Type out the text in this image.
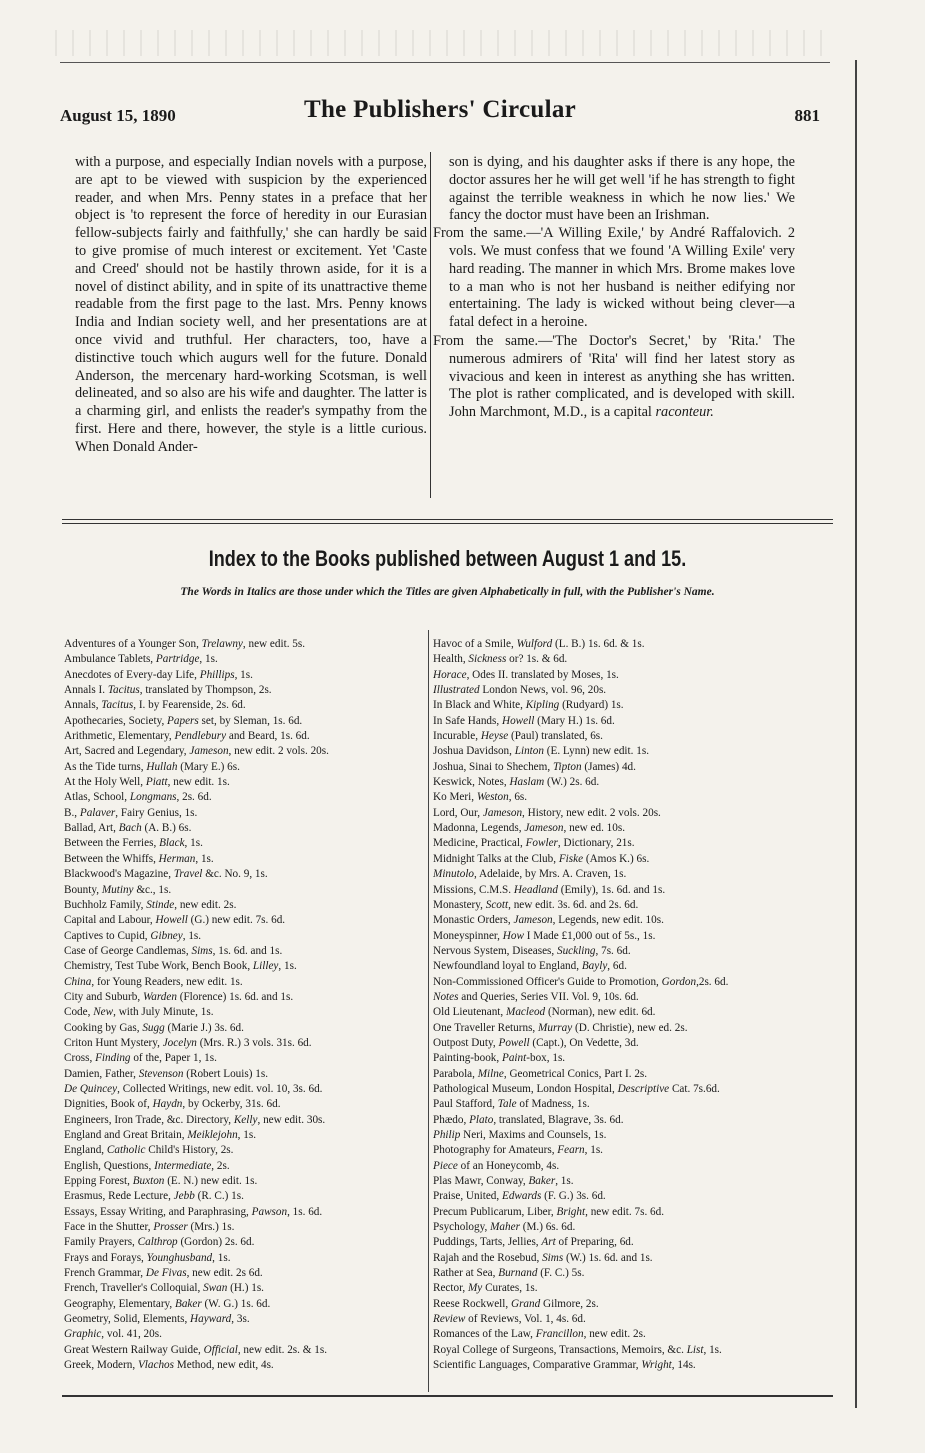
August 15, 1890	The Publishers' Circular	881

with a purpose, and especially Indian novels with a purpose, are apt to be viewed with suspicion by the experienced reader, and when Mrs. Penny states in a preface that her object is 'to represent the force of heredity in our Eurasian fellow-subjects fairly and faithfully,' she can hardly be said to give promise of much interest or excitement. Yet 'Caste and Creed' should not be hastily thrown aside, for it is a novel of distinct ability, and in spite of its unattractive theme readable from the first page to the last. Mrs. Penny knows India and Indian society well, and her presentations are at once vivid and truthful. Her characters, too, have a distinctive touch which augurs well for the future. Donald Anderson, the mercenary hard-working Scotsman, is well delineated, and so also are his wife and daughter. The latter is a charming girl, and enlists the reader's sympathy from the first. Here and there, however, the style is a little curious. When Donald Ander-

son is dying, and his daughter asks if there is any hope, the doctor assures her he will get well 'if he has strength to fight against the terrible weakness in which he now lies.' We fancy the doctor must have been an Irishman.

From the same.—'A Willing Exile,' by André Raffalovich. 2 vols. We must confess that we found 'A Willing Exile' very hard reading. The manner in which Mrs. Brome makes love to a man who is not her husband is neither edifying nor entertaining. The lady is wicked without being clever—a fatal defect in a heroine.

From the same.—'The Doctor's Secret,' by 'Rita.' The numerous admirers of 'Rita' will find her latest story as vivacious and keen in interest as anything she has written. The plot is rather complicated, and is developed with skill. John Marchmont, M.D., is a capital raconteur.

Index to the Books published between August 1 and 15.
The Words in Italics are those under which the Titles are given Alphabetically in full, with the Publisher's Name.
Adventures of a Younger Son, Trelawny, new edit. 5s.
Ambulance Tablets, Partridge, 1s.
Anecdotes of Every-day Life, Phillips, 1s.
Annals I. Tacitus, translated by Thompson, 2s.
Annals, Tacitus, I. by Fearenside, 2s. 6d.
Apothecaries, Society, Papers set, by Sleman, 1s. 6d.
Arithmetic, Elementary, Pendlebury and Beard, 1s. 6d.
Art, Sacred and Legendary, Jameson, new edit. 2 vols. 20s.
As the Tide turns, Hullah (Mary E.) 6s.
At the Holy Well, Piatt, new edit. 1s.
Atlas, School, Longmans, 2s. 6d.
B., Palaver, Fairy Genius, 1s.
Ballad, Art, Bach (A. B.) 6s.
Between the Ferries, Black, 1s.
Between the Whiffs, Herman, 1s.
Blackwood's Magazine, Travel &c. No. 9, 1s.
Bounty, Mutiny &c., 1s.
Buchholz Family, Stinde, new edit. 2s.
Capital and Labour, Howell (G.) new edit. 7s. 6d.
Captives to Cupid, Gibney, 1s.
Case of George Candlemas, Sims, 1s. 6d. and 1s.
Chemistry, Test Tube Work, Bench Book, Lilley, 1s.
China, for Young Readers, new edit. 1s.
City and Suburb, Warden (Florence) 1s. 6d. and 1s.
Code, New, with July Minute, 1s.
Cooking by Gas, Sugg (Marie J.) 3s. 6d.
Criton Hunt Mystery, Jocelyn (Mrs. R.) 3 vols. 31s. 6d.
Cross, Finding of the, Paper 1, 1s.
Damien, Father, Stevenson (Robert Louis) 1s.
De Quincey, Collected Writings, new edit. vol. 10, 3s. 6d.
Dignities, Book of, Haydn, by Ockerby, 31s. 6d.
Engineers, Iron Trade, &c. Directory, Kelly, new edit. 30s.
England and Great Britain, Meiklejohn, 1s.
England, Catholic Child's History, 2s.
English, Questions, Intermediate, 2s.
Epping Forest, Buxton (E. N.) new edit. 1s.
Erasmus, Rede Lecture, Jebb (R. C.) 1s.
Essays, Essay Writing, and Paraphrasing, Pawson, 1s. 6d.
Face in the Shutter, Prosser (Mrs.) 1s.
Family Prayers, Calthrop (Gordon) 2s. 6d.
Frays and Forays, Younghusband, 1s.
French Grammar, De Fivas, new edit. 2s 6d.
French, Traveller's Colloquial, Swan (H.) 1s.
Geography, Elementary, Baker (W. G.) 1s. 6d.
Geometry, Solid, Elements, Hayward, 3s.
Graphic, vol. 41, 20s.
Great Western Railway Guide, Official, new edit. 2s. & 1s.
Greek, Modern, Vlachos Method, new edit, 4s.
Havoc of a Smile, Wulford (L. B.) 1s. 6d. & 1s.
Health, Sickness or? 1s. & 6d.
Horace, Odes II. translated by Moses, 1s.
Illustrated London News, vol. 96, 20s.
In Black and White, Kipling (Rudyard) 1s.
In Safe Hands, Howell (Mary H.) 1s. 6d.
Incurable, Heyse (Paul) translated, 6s.
Joshua Davidson, Linton (E. Lynn) new edit. 1s.
Joshua, Sinai to Shechem, Tipton (James) 4d.
Keswick, Notes, Haslam (W.) 2s. 6d.
Ko Meri, Weston, 6s.
Lord, Our, Jameson, History, new edit. 2 vols. 20s.
Madonna, Legends, Jameson, new ed. 10s.
Medicine, Practical, Fowler, Dictionary, 21s.
Midnight Talks at the Club, Fiske (Amos K.) 6s.
Minutolo, Adelaide, by Mrs. A. Craven, 1s.
Missions, C.M.S. Headland (Emily), 1s. 6d. and 1s.
Monastery, Scott, new edit. 3s. 6d. and 2s. 6d.
Monastic Orders, Jameson, Legends, new edit. 10s.
Moneyspinner, How I Made £1,000 out of 5s., 1s.
Nervous System, Diseases, Suckling, 7s. 6d.
Newfoundland loyal to England, Bayly, 6d.
Non-Commissioned Officer's Guide to Promotion, Gordon,2s. 6d.
Notes and Queries, Series VII. Vol. 9, 10s. 6d.
Old Lieutenant, Macleod (Norman), new edit. 6d.
One Traveller Returns, Murray (D. Christie), new ed. 2s.
Outpost Duty, Powell (Capt.), On Vedette, 3d.
Painting-book, Paint-box, 1s.
Parabola, Milne, Geometrical Conics, Part I. 2s.
Pathological Museum, London Hospital, Descriptive Cat. 7s.6d.
Paul Stafford, Tale of Madness, 1s.
Phædo, Plato, translated, Blagrave, 3s. 6d.
Philip Neri, Maxims and Counsels, 1s.
Photography for Amateurs, Fearn, 1s.
Piece of an Honeycomb, 4s.
Plas Mawr, Conway, Baker, 1s.
Praise, United, Edwards (F. G.) 3s. 6d.
Precum Publicarum, Liber, Bright, new edit. 7s. 6d.
Psychology, Maher (M.) 6s. 6d.
Puddings, Tarts, Jellies, Art of Preparing, 6d.
Rajah and the Rosebud, Sims (W.) 1s. 6d. and 1s.
Rather at Sea, Burnand (F. C.) 5s.
Rector, My Curates, 1s.
Reese Rockwell, Grand Gilmore, 2s.
Review of Reviews, Vol. 1, 4s. 6d.
Romances of the Law, Francillon, new edit. 2s.
Royal College of Surgeons, Transactions, Memoirs, &c. List, 1s.
Scientific Languages, Comparative Grammar, Wright, 14s.
